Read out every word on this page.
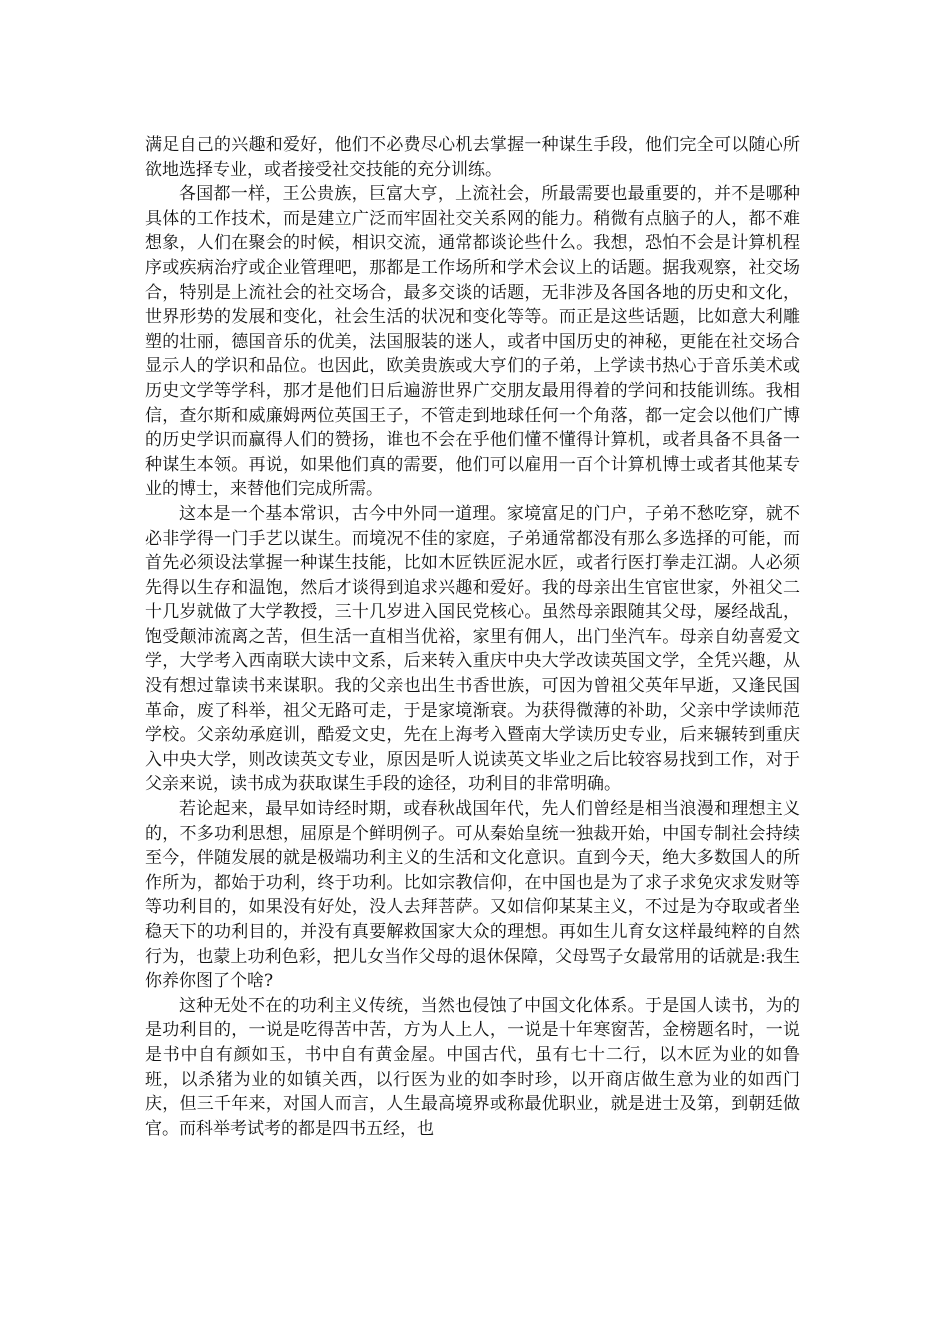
满足自己的兴趣和爱好，他们不必费尽心机去掌握一种谋生手段，他们完全可以随心所欲地选择专业，或者接受社交技能的充分训练。

各国都一样，王公贵族，巨富大亨，上流社会，所最需要也最重要的，并不是哪种具体的工作技术，而是建立广泛而牢固社交关系网的能力。稍微有点脑子的人，都不难想象，人们在聚会的时候，相识交流，通常都谈论些什么。我想，恐怕不会是计算机程序或疾病治疗或企业管理吧，那都是工作场所和学术会议上的话题。据我观察，社交场合，特别是上流社会的社交场合，最多交谈的话题，无非涉及各国各地的历史和文化，世界形势的发展和变化，社会生活的状况和变化等等。而正是这些话题，比如意大利雕塑的壮丽，德国音乐的优美，法国服装的迷人，或者中国历史的神秘，更能在社交场合显示人的学识和品位。也因此，欧美贵族或大亨们的子弟，上学读书热心于音乐美术或历史文学等学科，那才是他们日后遍游世界广交朋友最用得着的学问和技能训练。我相信，查尔斯和威廉姆两位英国王子，不管走到地球任何一个角落，都一定会以他们广博的历史学识而赢得人们的赞扬，谁也不会在乎他们懂不懂得计算机，或者具备不具备一种谋生本领。再说，如果他们真的需要，他们可以雇用一百个计算机博士或者其他某专业的博士，来替他们完成所需。

这本是一个基本常识，古今中外同一道理。家境富足的门户，子弟不愁吃穿，就不必非学得一门手艺以谋生。而境况不佳的家庭，子弟通常都没有那么多选择的可能，而首先必须设法掌握一种谋生技能，比如木匠铁匠泥水匠，或者行医打拳走江湖。人必须先得以生存和温饱，然后才谈得到追求兴趣和爱好。我的母亲出生官宦世家，外祖父二十几岁就做了大学教授，三十几岁进入国民党核心。虽然母亲跟随其父母，屡经战乱，饱受颠沛流离之苦，但生活一直相当优裕，家里有佣人，出门坐汽车。母亲自幼喜爱文学，大学考入西南联大读中文系，后来转入重庆中央大学改读英国文学，全凭兴趣，从没有想过靠读书来谋职。我的父亲也出生书香世族，可因为曾祖父英年早逝，又逢民国革命，废了科举，祖父无路可走，于是家境渐衰。为获得微薄的补助，父亲中学读师范学校。父亲幼承庭训，酷爱文史，先在上海考入暨南大学读历史专业，后来辗转到重庆入中央大学，则改读英文专业，原因是听人说读英文毕业之后比较容易找到工作，对于父亲来说，读书成为获取谋生手段的途径，功利目的非常明确。

若论起来，最早如诗经时期，或春秋战国年代，先人们曾经是相当浪漫和理想主义的，不多功利思想，屈原是个鲜明例子。可从秦始皇统一独裁开始，中国专制社会持续至今，伴随发展的就是极端功利主义的生活和文化意识。直到今天，绝大多数国人的所作所为，都始于功利，终于功利。比如宗教信仰，在中国也是为了求子求免灾求发财等等功利目的，如果没有好处，没人去拜菩萨。又如信仰某某主义，不过是为夺取或者坐稳天下的功利目的，并没有真要解救国家大众的理想。再如生儿育女这样最纯粹的自然行为，也蒙上功利色彩，把儿女当作父母的退休保障，父母骂子女最常用的话就是:我生你养你图了个啥?

这种无处不在的功利主义传统，当然也侵蚀了中国文化体系。于是国人读书，为的是功利目的，一说是吃得苦中苦，方为人上人，一说是十年寒窗苦，金榜题名时，一说是书中自有颜如玉，书中自有黄金屋。中国古代，虽有七十二行，以木匠为业的如鲁班，以杀猪为业的如镇关西，以行医为业的如李时珍，以开商店做生意为业的如西门庆，但三千年来，对国人而言，人生最高境界或称最优职业，就是进士及第，到朝廷做官。而科举考试考的都是四书五经，也
